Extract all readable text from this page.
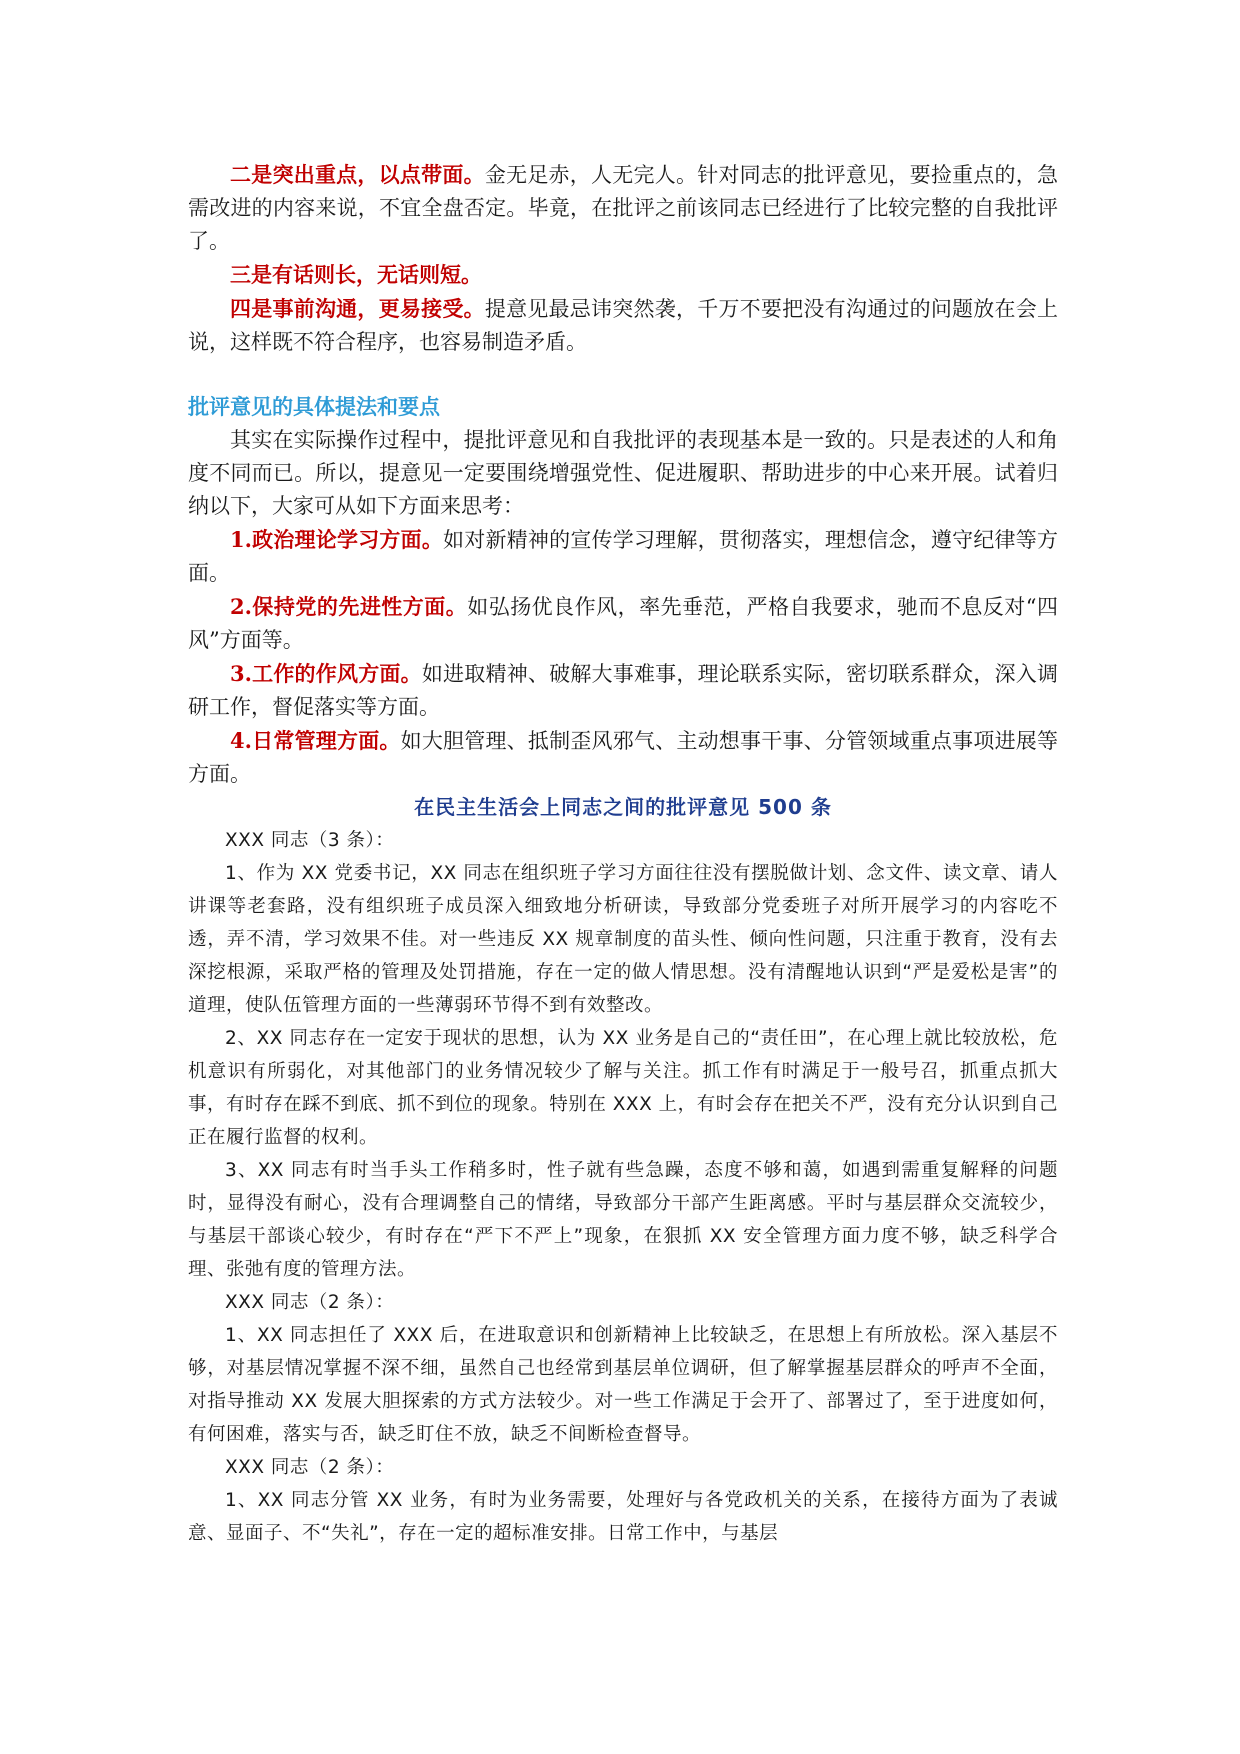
二是突出重点，以点带面。金无足赤，人无完人。针对同志的批评意见，要捡重点的，急需改进的内容来说，不宜全盘否定。毕竟，在批评之前该同志已经进行了比较完整的自我批评了。

三是有话则长，无话则短。

四是事前沟通，更易接受。提意见最忌讳突然袭，千万不要把没有沟通过的问题放在会上说，这样既不符合程序，也容易制造矛盾。

批评意见的具体提法和要点

其实在实际操作过程中，提批评意见和自我批评的表现基本是一致的。只是表述的人和角度不同而已。所以，提意见一定要围绕增强党性、促进履职、帮助进步的中心来开展。试着归纳以下，大家可从如下方面来思考：

1.政治理论学习方面。如对新精神的宣传学习理解，贯彻落实，理想信念，遵守纪律等方面。

2.保持党的先进性方面。如弘扬优良作风，率先垂范，严格自我要求，驰而不息反对“四风”方面等。

3.工作的作风方面。如进取精神、破解大事难事，理论联系实际，密切联系群众，深入调研工作，督促落实等方面。

4.日常管理方面。如大胆管理、抵制歪风邪气、主动想事干事、分管领域重点事项进展等方面。

在民主生活会上同志之间的批评意见 500 条

XXX 同志（3 条）：

1、作为 XX 党委书记，XX 同志在组织班子学习方面往往没有摆脱做计划、念文件、读文章、请人讲课等老套路，没有组织班子成员深入细致地分析研读，导致部分党委班子对所开展学习的内容吃不透，弄不清，学习效果不佳。对一些违反 XX 规章制度的苗头性、倾向性问题，只注重于教育，没有去深挖根源，采取严格的管理及处罚措施，存在一定的做人情思想。没有清醒地认识到“严是爱松是害”的道理，使队伍管理方面的一些薄弱环节得不到有效整改。

2、XX 同志存在一定安于现状的思想，认为 XX 业务是自己的“责任田”，在心理上就比较放松，危机意识有所弱化，对其他部门的业务情况较少了解与关注。抓工作有时满足于一般号召，抓重点抓大事，有时存在踩不到底、抓不到位的现象。特别在 XXX 上，有时会存在把关不严，没有充分认识到自己正在履行监督的权利。

3、XX 同志有时当手头工作稍多时，性子就有些急躁，态度不够和蔼，如遇到需重复解释的问题时，显得没有耐心，没有合理调整自己的情绪，导致部分干部产生距离感。平时与基层群众交流较少，与基层干部谈心较少，有时存在“严下不严上”现象，在狠抓 XX 安全管理方面力度不够，缺乏科学合理、张弛有度的管理方法。

XXX 同志（2 条）：

1、XX 同志担任了 XXX 后，在进取意识和创新精神上比较缺乏，在思想上有所放松。深入基层不够，对基层情况掌握不深不细，虽然自己也经常到基层单位调研，但了解掌握基层群众的呼声不全面，对指导推动 XX 发展大胆探索的方式方法较少。对一些工作满足于会开了、部署过了，至于进度如何，有何困难，落实与否，缺乏盯住不放，缺乏不间断检查督导。

XXX 同志（2 条）：

1、XX 同志分管 XX 业务，有时为业务需要，处理好与各党政机关的关系，在接待方面为了表诚意、显面子、不“失礼”，存在一定的超标准安排。日常工作中，与基层
